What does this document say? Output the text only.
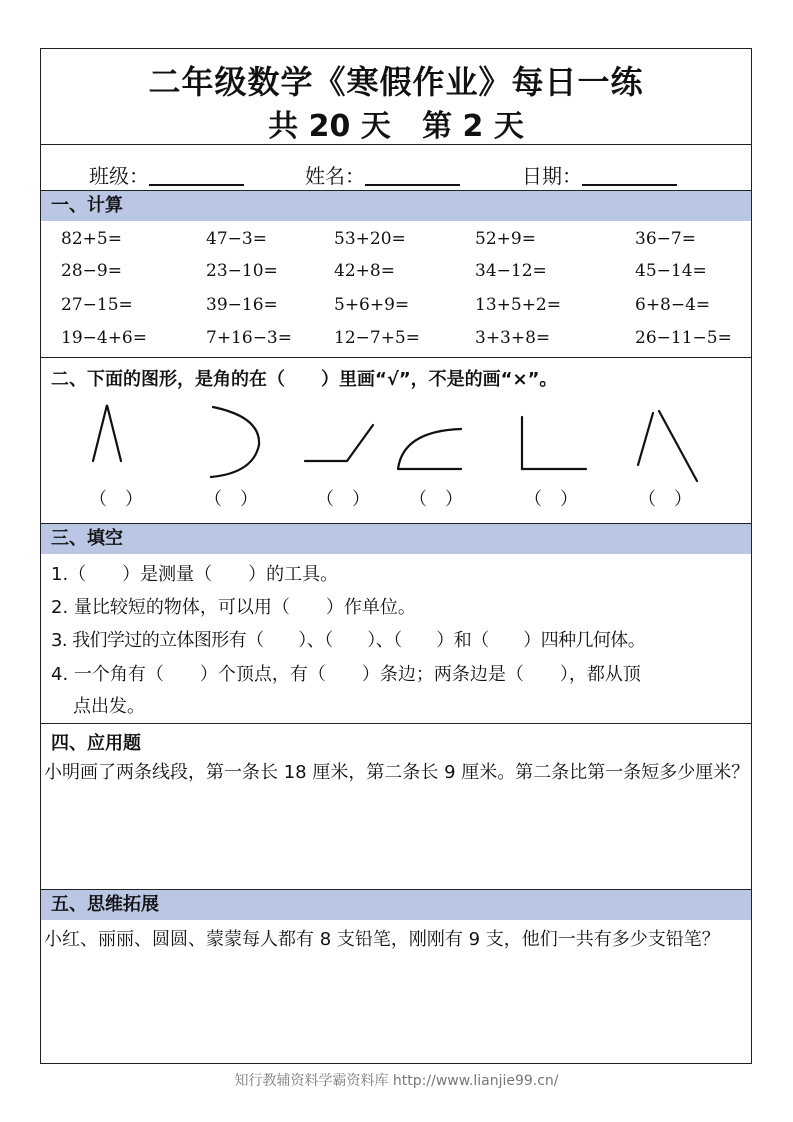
二年级数学《寒假作业》每日一练
共 20 天   第 2 天
班级：	姓名：	日期：
一、计算
82+5=	47−3=	53+20=	52+9=	36−7=
28−9=	23−10=	42+8=	34−12=	45−14=
27−15=	39−16=	5+6+9=	13+5+2=	6+8−4=
19−4+6=	7+16−3= 12−7+5=	3+3+8=	26−11−5=
二、下面的图形，是角的在（　　）里画“√”，不是的画“×”。
（　）	（　）	（　） （　）	（　）	（　）
三、填空
1.（　　）是测量（　　）的工具。
2. 量比较短的物体，可以用（　　）作单位。
3. 我们学过的立体图形有（　　）、（　　）、（　　）和（　　）四种几何体。
4. 一个角有（　　）个顶点，有（　　）条边；两条边是（　　），都从顶
点出发。
四、应用题
小明画了两条线段，第一条长 18 厘米，第二条长 9 厘米。第二条比第一条短多少厘米？
五、思维拓展
小红、丽丽、圆圆、蒙蒙每人都有 8 支铅笔，刚刚有 9 支，他们一共有多少支铅笔？
知行教辅资料学霸资料库 http://www.lianjie99.cn/
